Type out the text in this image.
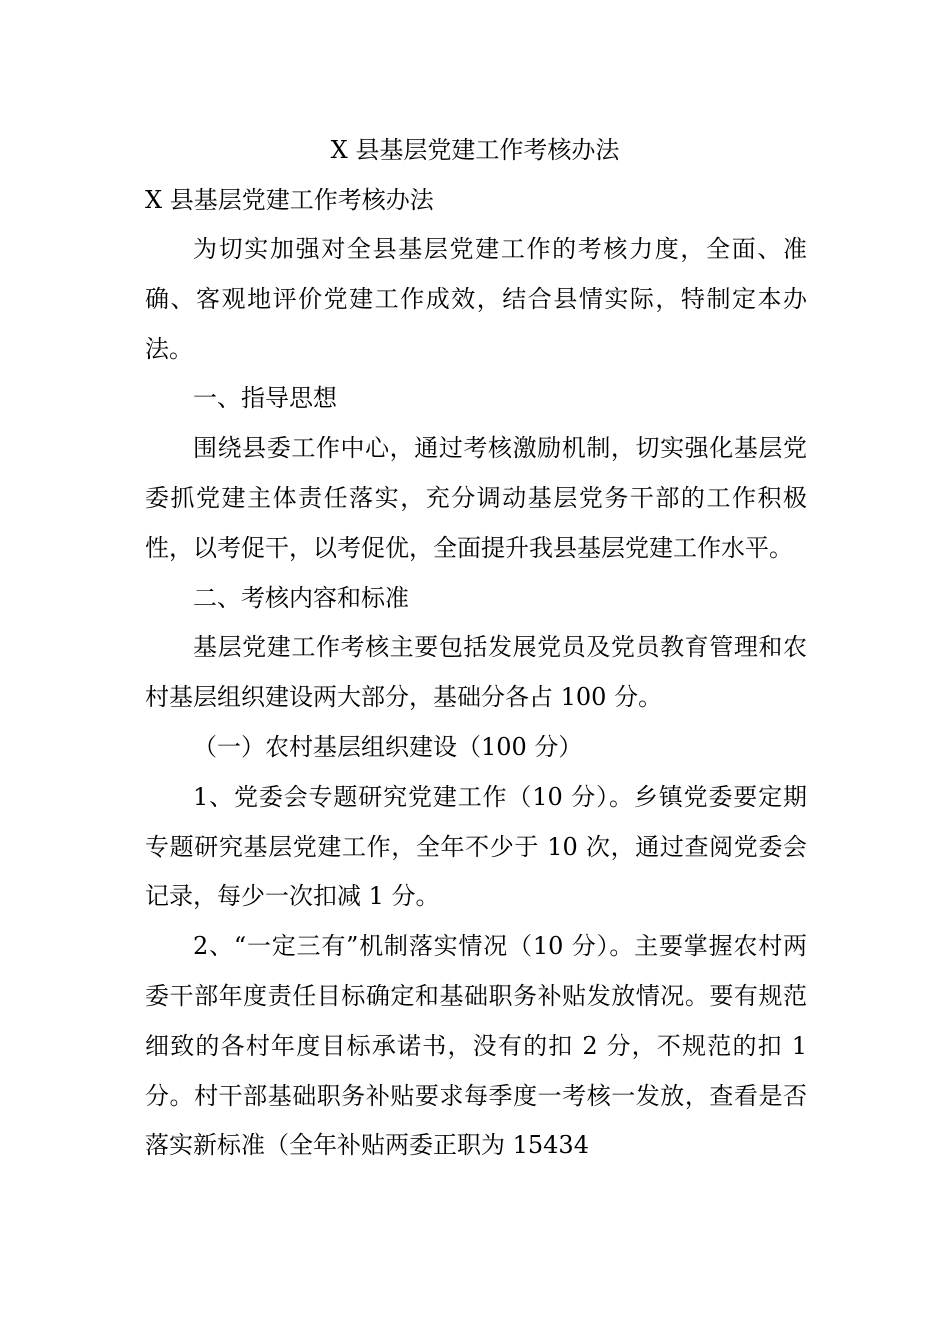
X 县基层党建工作考核办法
X 县基层党建工作考核办法

为切实加强对全县基层党建工作的考核力度，全面、准确、客观地评价党建工作成效，结合县情实际，特制定本办法。

一、指导思想

围绕县委工作中心，通过考核激励机制，切实强化基层党委抓党建主体责任落实，充分调动基层党务干部的工作积极性，以考促干，以考促优，全面提升我县基层党建工作水平。

二、考核内容和标准

基层党建工作考核主要包括发展党员及党员教育管理和农村基层组织建设两大部分，基础分各占 100 分。

（一）农村基层组织建设（100 分）

1、党委会专题研究党建工作（10 分）。乡镇党委要定期专题研究基层党建工作，全年不少于 10 次，通过查阅党委会记录，每少一次扣减 1 分。

2、“一定三有”机制落实情况（10 分）。主要掌握农村两委干部年度责任目标确定和基础职务补贴发放情况。要有规范细致的各村年度目标承诺书，没有的扣 2 分，不规范的扣 1 分。村干部基础职务补贴要求每季度一考核一发放，查看是否落实新标准（全年补贴两委正职为 15434
